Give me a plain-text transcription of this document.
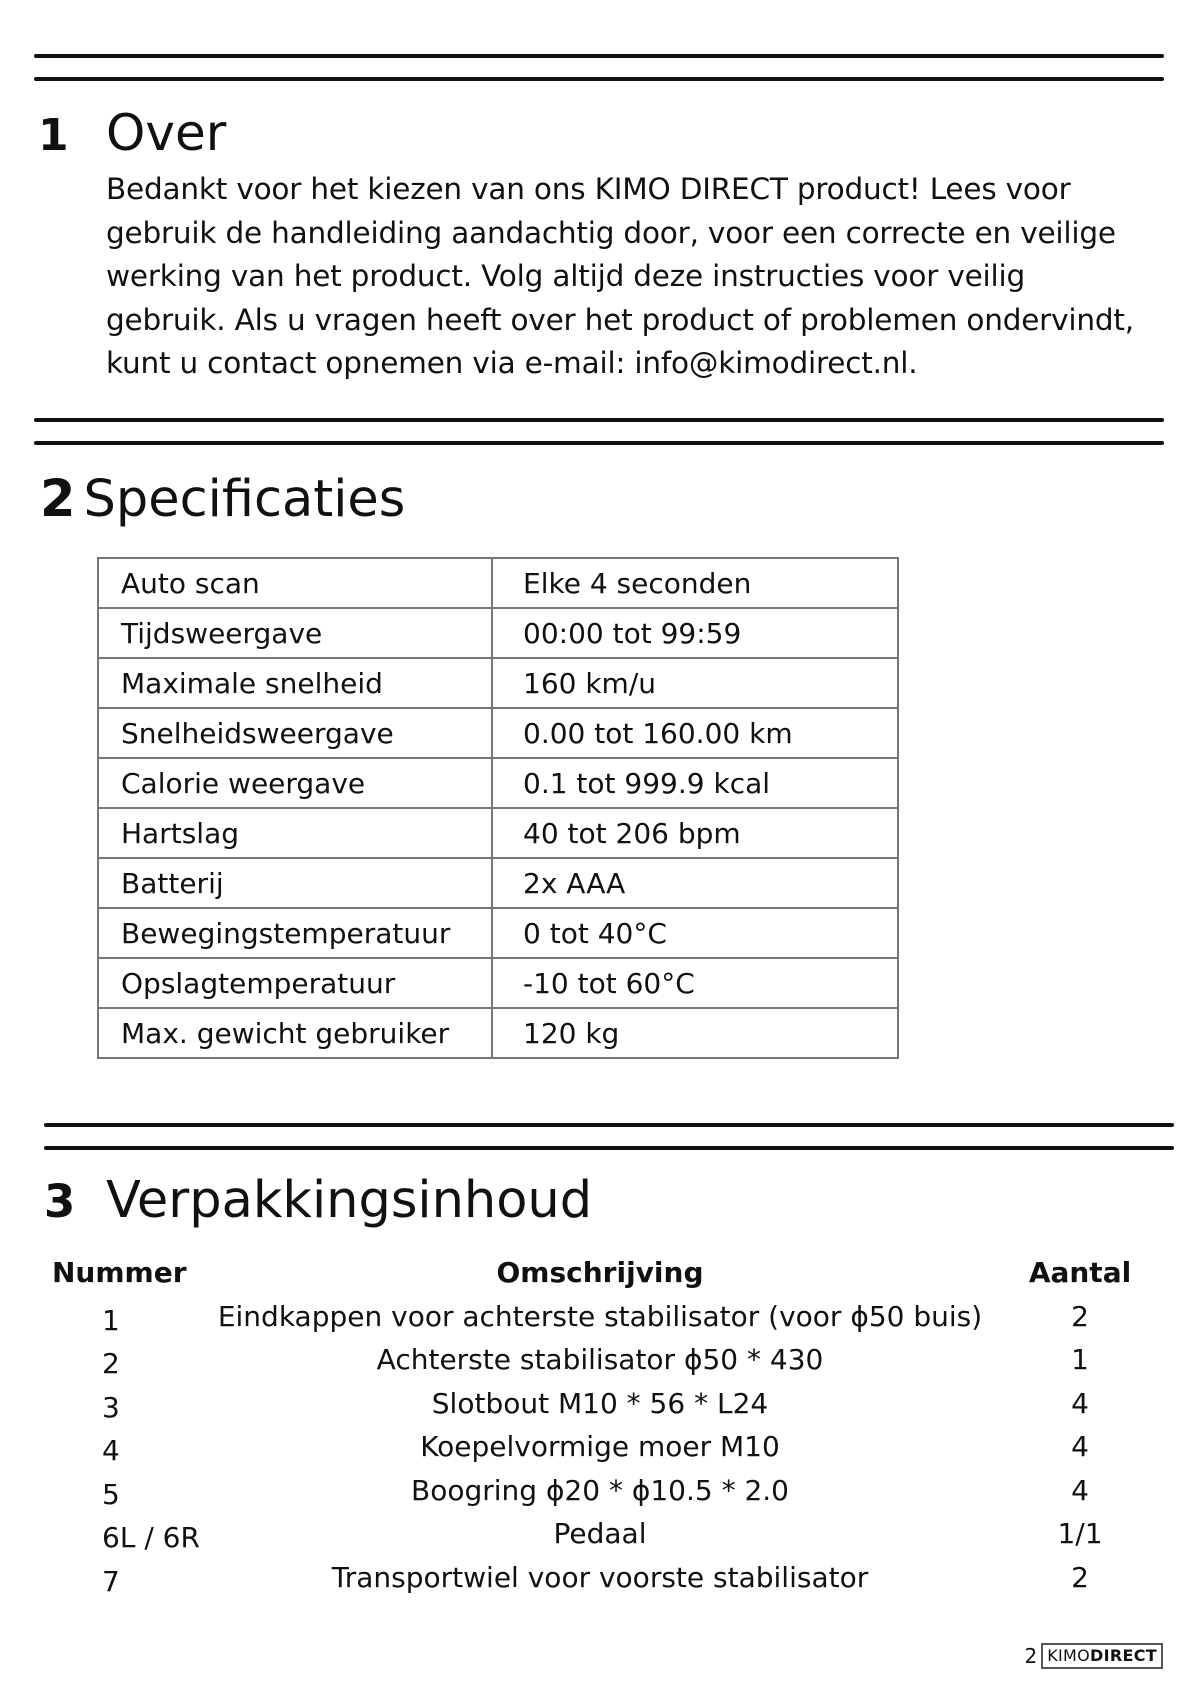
1 Over

Bedankt voor het kiezen van ons KIMO DIRECT product! Lees voor gebruik de handleiding aandachtig door, voor een correcte en veilige werking van het product. Volg altijd deze instructies voor veilig gebruik. Als u vragen heeft over het product of problemen ondervindt, kunt u contact opnemen via e-mail: info@kimodirect.nl.

2 Specificaties
Auto scan	Elke 4 seconden
Tijdsweergave	00:00 tot 99:59
Maximale snelheid	160 km/u
Snelheidsweergave	0.00 tot 160.00 km
Calorie weergave	0.1 tot 999.9 kcal
Hartslag	40 tot 206 bpm
Batterij	2x AAA
Bewegingstemperatuur	0 tot 40°C
Opslagtemperatuur	-10 tot 60°C
Max. gewicht gebruiker	120 kg
3 Verpakkingsinhoud
Nummer	Omschrijving	Aantal
1	Eindkappen voor achterste stabilisator (voor ϕ50 buis)	2
2	Achterste stabilisator ϕ50 * 430	1
3	Slotbout M10 * 56 * L24	4
4	Koepelvormige moer M10	4
5	Boogring ϕ20 * ϕ10.5 * 2.0	4
6L / 6R	Pedaal	1/1
7	Transportwiel voor voorste stabilisator	2
2 KIMODIRECT
